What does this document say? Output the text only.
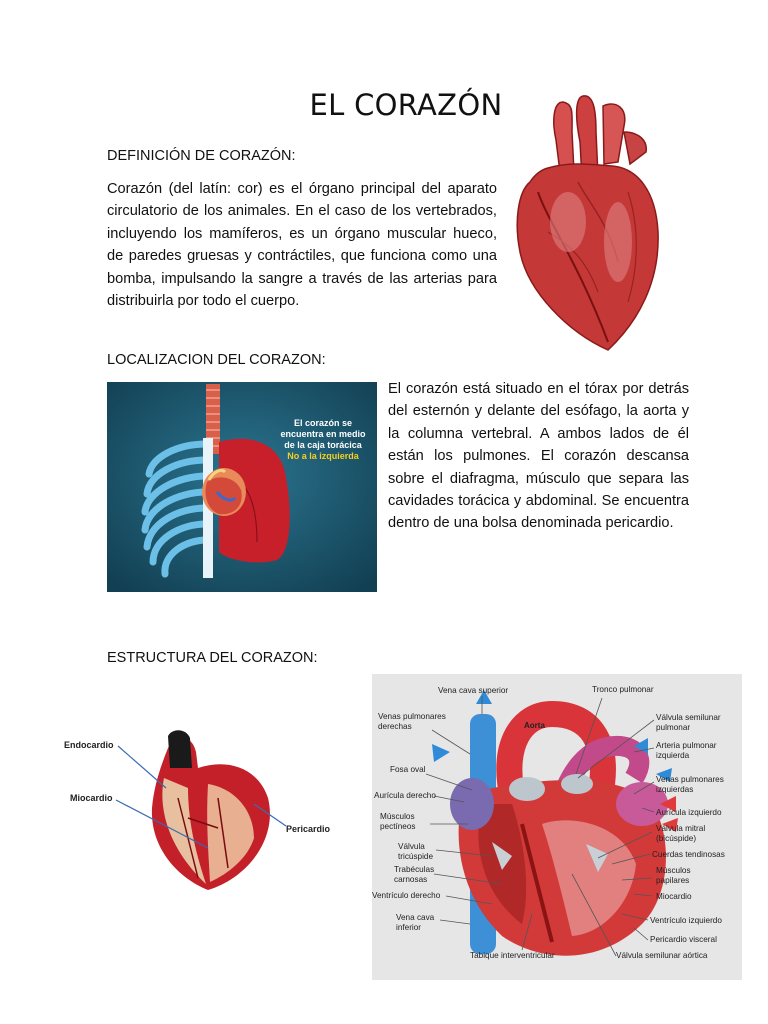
EL CORAZÓN
DEFINICIÓN DE CORAZÓN:
Corazón (del latín: cor) es el órgano principal del aparato circulatorio de los animales. En el caso de los vertebrados, incluyendo los mamíferos, es un órgano muscular hueco, de paredes gruesas y contráctiles, que funciona como una bomba, impulsando la sangre a través de las arterias para distribuirla por todo el cuerpo.
LOCALIZACION DEL CORAZON:
El corazón se
encuentra en medio
de la caja torácica
No a la izquierda
El corazón está situado en el tórax por detrás del esternón y delante del esófago, la aorta y la columna vertebral. A ambos lados de él están los pulmones. El corazón descansa sobre el diafragma, músculo que separa las cavidades torácica y abdominal. Se encuentra dentro de una bolsa denominada pericardio.
ESTRUCTURA DEL CORAZON:
Endocardio
Miocardio
Pericardio
Aorta
Vena cava superior
Venas pulmonares
derechas
Fosa oval
Aurícula derecho
Músculos
pectíneos
Válvula
tricúspide
Trabéculas
carnosas
Ventrículo derecho
Vena cava
inferior
Tronco pulmonar
Válvula semilunar
pulmonar
Arteria pulmonar
izquierda
Venas pulmonares
izquierdas
Aurícula izquierdo
Válvula mitral
(bicúspide)
Cuerdas tendinosas
Músculos
papilares
Miocardio
Ventrículo izquierdo
Pericardio visceral
Válvula semilunar aórtica
Tabique interventricular
